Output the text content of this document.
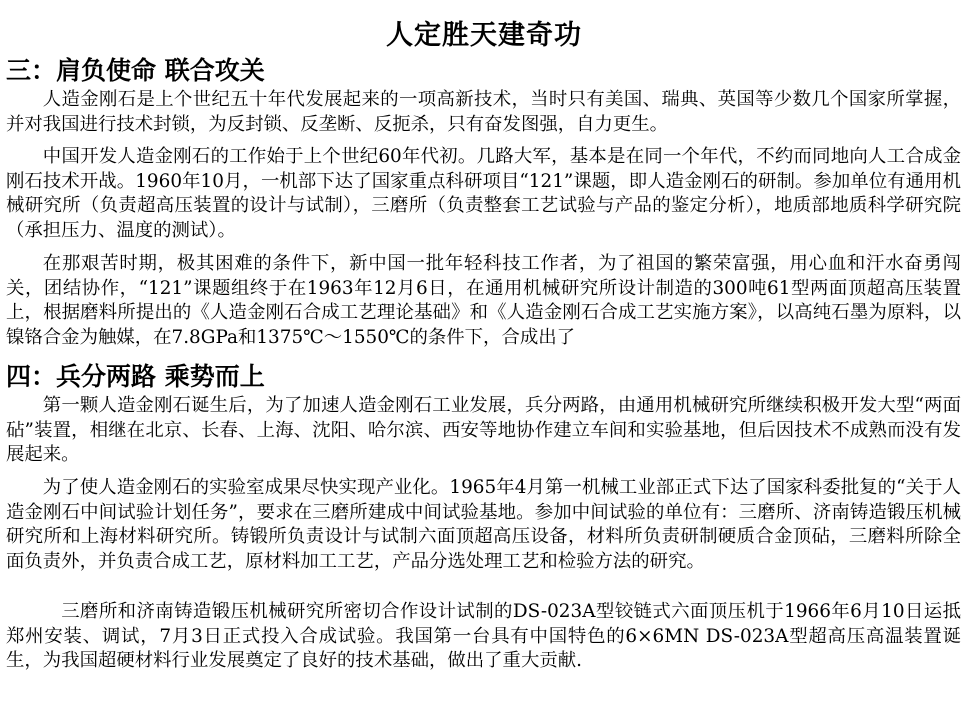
人定胜天建奇功
三：肩负使命 联合攻关
人造金刚石是上个世纪五十年代发展起来的一项高新技术，当时只有美国、瑞典、英国等少数几个国家所掌握，并对我国进行技术封锁，为反封锁、反垄断、反扼杀，只有奋发图强，自力更生。
中国开发人造金刚石的工作始于上个世纪60年代初。几路大军，基本是在同一个年代，不约而同地向人工合成金刚石技术开战。1960年10月，一机部下达了国家重点科研项目“121”课题，即人造金刚石的研制。参加单位有通用机械研究所（负责超高压装置的设计与试制），三磨所（负责整套工艺试验与产品的鉴定分析），地质部地质科学研究院（承担压力、温度的测试）。
在那艰苦时期，极其困难的条件下，新中国一批年轻科技工作者，为了祖国的繁荣富强，用心血和汗水奋勇闯关，团结协作，“121”课题组终于在1963年12月6日，在通用机械研究所设计制造的300吨61型两面顶超高压装置上，根据磨料所提出的《人造金刚石合成工艺理论基础》和《人造金刚石合成工艺实施方案》，以高纯石墨为原料，以镍铬合金为触媒，在7.8GPa和1375℃～1550℃的条件下，合成出了
四：兵分两路 乘势而上
第一颗人造金刚石诞生后，为了加速人造金刚石工业发展，兵分两路，由通用机械研究所继续积极开发大型“两面砧”装置，相继在北京、长春、上海、沈阳、哈尔滨、西安等地协作建立车间和实验基地，但后因技术不成熟而没有发展起来。
为了使人造金刚石的实验室成果尽快实现产业化。1965年4月第一机械工业部正式下达了国家科委批复的“关于人造金刚石中间试验计划任务”，要求在三磨所建成中间试验基地。参加中间试验的单位有：三磨所、济南铸造锻压机械研究所和上海材料研究所。铸锻所负责设计与试制六面顶超高压设备，材料所负责研制硬质合金顶砧，三磨料所除全面负责外，并负责合成工艺，原材料加工工艺，产品分选处理工艺和检验方法的研究。
三磨所和济南铸造锻压机械研究所密切合作设计试制的DS-023A型铰链式六面顶压机于1966年6月10日运抵郑州安装、调试，7月3日正式投入合成试验。我国第一台具有中国特色的6×6MN DS-023A型超高压高温装置诞生，为我国超硬材料行业发展奠定了良好的技术基础，做出了重大贡献.
